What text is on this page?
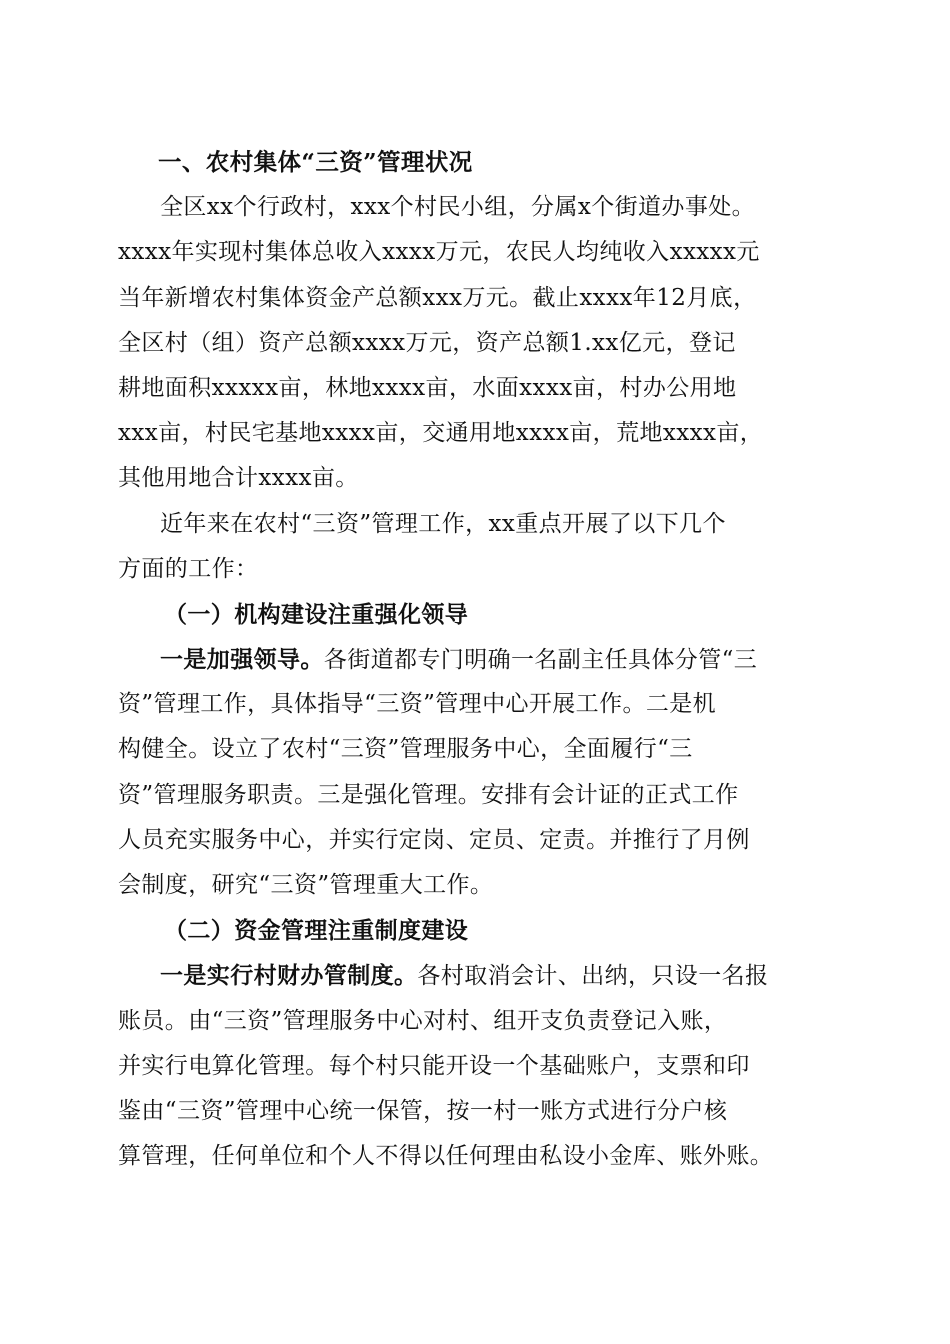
一、农村集体“三资”管理状况
全区xx个行政村，xxx个村民小组，分属x个街道办事处。
xxxx年实现村集体总收入xxxx万元，农民人均纯收入xxxxx元
当年新增农村集体资金产总额xxx万元。截止xxxx年12月底，
全区村（组）资产总额xxxx万元，资产总额1.xx亿元，登记
耕地面积xxxxx亩，林地xxxx亩，水面xxxx亩，村办公用地
xxx亩，村民宅基地xxxx亩，交通用地xxxx亩，荒地xxxx亩，
其他用地合计xxxx亩。
近年来在农村“三资”管理工作，xx重点开展了以下几个
方面的工作：
（一）机构建设注重强化领导
一是加强领导。各街道都专门明确一名副主任具体分管“三
资”管理工作，具体指导“三资”管理中心开展工作。二是机
构健全。设立了农村“三资”管理服务中心，全面履行“三
资”管理服务职责。三是强化管理。安排有会计证的正式工作
人员充实服务中心，并实行定岗、定员、定责。并推行了月例
会制度，研究“三资”管理重大工作。
（二）资金管理注重制度建设
一是实行村财办管制度。各村取消会计、出纳，只设一名报
账员。由“三资”管理服务中心对村、组开支负责登记入账，
并实行电算化管理。每个村只能开设一个基础账户，支票和印
鉴由“三资”管理中心统一保管，按一村一账方式进行分户核
算管理，任何单位和个人不得以任何理由私设小金库、账外账。
